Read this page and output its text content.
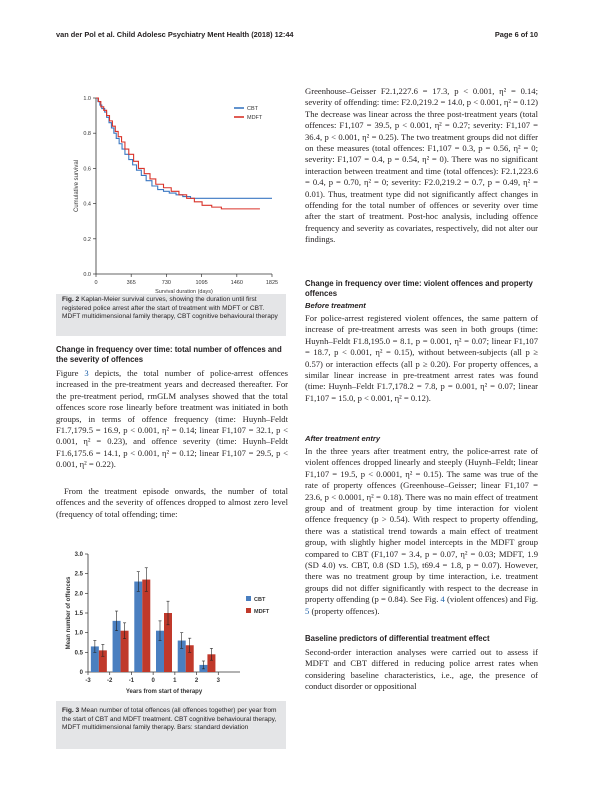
van der Pol et al. Child Adolesc Psychiatry Ment Health (2018) 12:44	Page 6 of 10
0.0
0.2
0.4
0.6
0.8
1.0
0	365	730	1095	1460	1825
Survival duration (days)
Cumulative survival
CBT
MDFT
Fig. 2 Kaplan-Meier survival curves, showing the duration until first registered police arrest after the start of treatment with MDFT or CBT. MDFT multidimensional family therapy, CBT cognitive behavioural therapy

Change in frequency over time: total number of offences and the severity of offences

Figure 3 depicts, the total number of police-arrest offences increased in the pre-treatment years and decreased thereafter. For the pre-treatment period, rmGLM analyses showed that the total offences score rose linearly before treatment was initiated in both groups, in terms of offence frequency (time: Huynh–Feldt F1.7,179.5 = 16.9, p < 0.001, η² = 0.14; linear F1,107 = 32.1, p < 0.001, η² = 0.23), and offence severity (time: Huynh–Feldt F1.6,175.6 = 14.1, p < 0.001, η² = 0.12; linear F1,107 = 29.5, p < 0.001, η² = 0.22).

From the treatment episode onwards, the number of total offences and the severity of offences dropped to almost zero level (frequency of total offending; time:

0
0.5
1.0
1.5
2.0
2.5
3.0
-3	-2	-1	0	1	2	3
Years from start of therapy
Mean number of offences	CBT
MDFT
Fig. 3 Mean number of total offences (all offences together) per year from the start of CBT and MDFT treatment. CBT cognitive behavioural therapy, MDFT multidimensional family therapy. Bars: standard deviation

Greenhouse–Geisser F2.1,227.6 = 17.3, p < 0.001, η² = 0.14; severity of offending: time: F2.0,219.2 = 14.0, p < 0.001, η² = 0.12) The decrease was linear across the three post-treatment years (total offences: F1,107 = 39.5, p < 0.001, η² = 0.27; severity: F1,107 = 36.4, p < 0.001, η² = 0.25). The two treatment groups did not differ on these measures (total offences: F1,107 = 0.3, p = 0.56, η² = 0; severity: F1,107 = 0.4, p = 0.54, η² = 0). There was no significant interaction between treatment and time (total offences): F2.1,223.6 = 0.4, p = 0.70, η² = 0; severity: F2.0,219.2 = 0.7, p = 0.49, η² = 0.01). Thus, treatment type did not significantly affect changes in offending for the total number of offences or severity over time after the start of treatment. Post-hoc analysis, including offence frequency and severity as covariates, respectively, did not alter our findings.

Change in frequency over time: violent offences and property offences

Before treatment

For police-arrest registered violent offences, the same pattern of increase of pre-treatment arrests was seen in both groups (time: Huynh–Feldt F1.8,195.0 = 8.1, p = 0.001, η² = 0.07; linear F1,107 = 18.7, p < 0.001, η² = 0.15), without between-subjects (all p ≥ 0.57) or interaction effects (all p ≥ 0.20). For property offences, a similar linear increase in pre-treatment arrest rates was found (time: Huynh–Feldt F1.7,178.2 = 7.8, p = 0.001, η² = 0.07; linear F1,107 = 15.0, p < 0.001, η² = 0.12).

After treatment entry

In the three years after treatment entry, the police-arrest rate of violent offences dropped linearly and steeply (Huynh–Feldt; linear F1,107 = 19.5, p < 0.0001, η² = 0.15). The same was true of the rate of property offences (Greenhouse–Geisser; linear F1,107 = 23.6, p < 0.0001, η² = 0.18). There was no main effect of treatment group and of treatment group by time interaction for violent offence frequency (p > 0.54). With respect to property offending, there was a statistical trend towards a main effect of treatment group, with slightly higher model intercepts in the MDFT group compared to CBT (F1,107 = 3.4, p = 0.07, η² = 0.03; MDFT, 1.9 (SD 4.0) vs. CBT, 0.8 (SD 1.5), t69.4 = 1.8, p = 0.07). However, there was no treatment group by time interaction, i.e. treatment groups did not differ significantly with respect to the decrease in property offending (p = 0.84). See Fig. 4 (violent offences) and Fig. 5 (property offences).

Baseline predictors of differential treatment effect

Second-order interaction analyses were carried out to assess if MDFT and CBT differed in reducing police arrest rates when considering baseline characteristics, i.e., age, the presence of conduct disorder or oppositional
